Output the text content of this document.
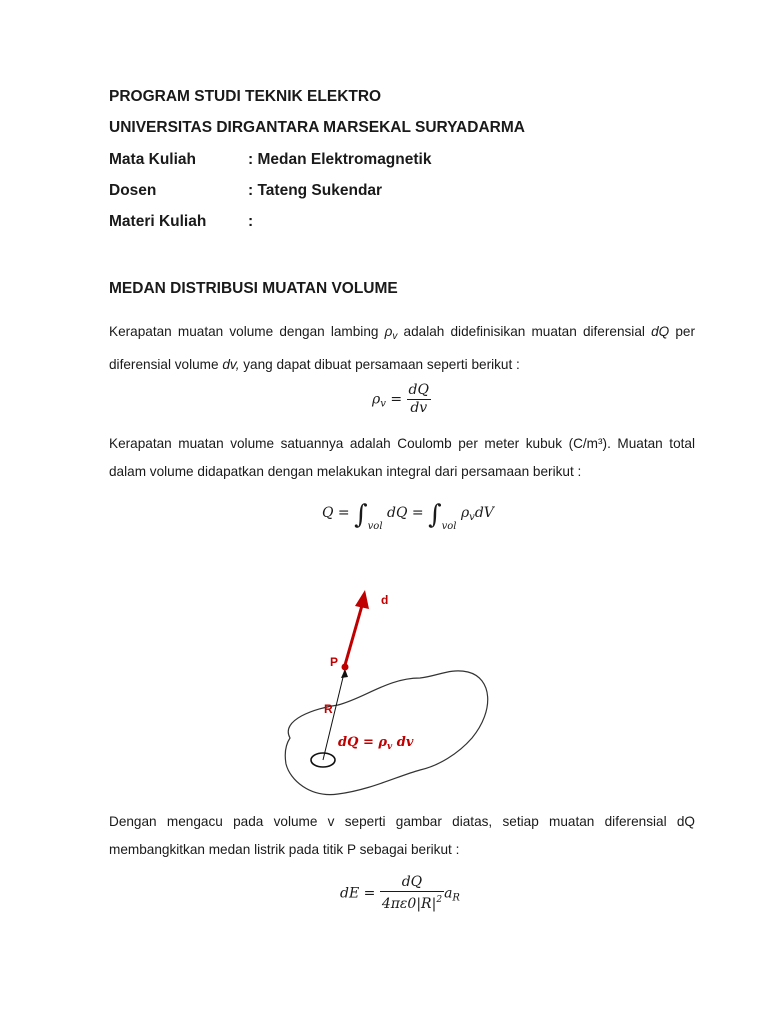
PROGRAM STUDI TEKNIK ELEKTRO
UNIVERSITAS DIRGANTARA MARSEKAL SURYADARMA
Mata Kuliah	: Medan Elektromagnetik
Dosen	: Tateng Sukendar
Materi Kuliah	:
MEDAN DISTRIBUSI MUATAN VOLUME

Kerapatan muatan volume dengan lambing $\rho_v$ adalah didefinisikan muatan diferensial dQ per diferensial volume dv, yang dapat dibuat persamaan seperti berikut :

$\rho_v = \frac{dQ}{dv}$

Kerapatan muatan volume satuannya adalah Coulomb per meter kubuk (C/m³). Muatan total dalam volume didapatkan dengan melakukan integral dari persamaan berikut :

$Q = \int_{vol}$ dQ = $\int_{vol}$ $\rho_vdV$
d
P
R
dQ = $\rho_v$ dv

Dengan mengacu pada volume v seperti gambar diatas, setiap muatan diferensial dQ membangkitkan medan listrik pada titik P sebagai berikut :

dE = $\frac{dQ}{4\pi\varepsilon 0|R|^2} a_R$
